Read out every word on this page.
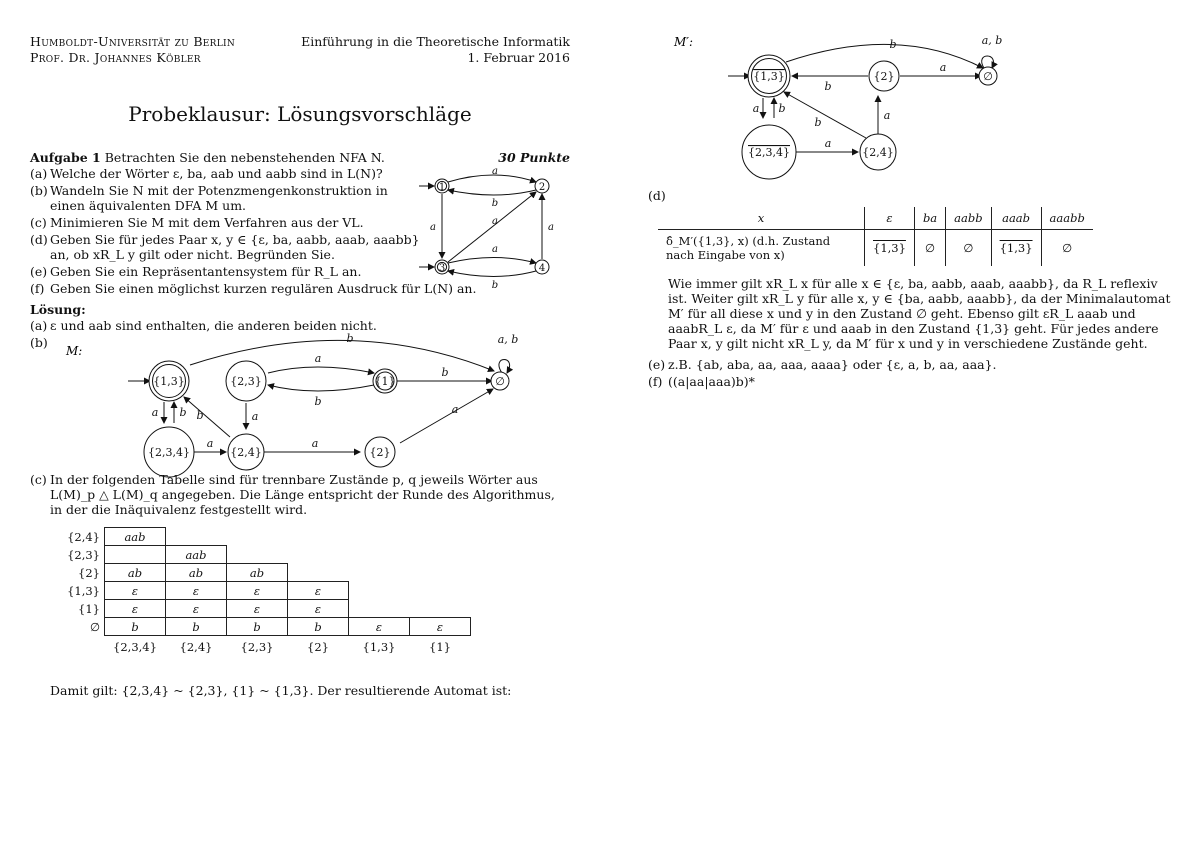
Humboldt-Universität zu Berlin
Prof. Dr. Johannes Köbler
Einführung in die Theoretische Informatik
1. Februar 2016
Probeklausur: Lösungsvorschläge
Aufgabe 1 Betrachten Sie den nebenstehenden NFA N.	30 Punkte
1	2
3	4
a
b
a
a
a
b
a
(a) Welche der Wörter ε, ba, aab und aabb sind in L(N)?
(b) Wandeln Sie N mit der Potenzmengenkonstruktion in einen äquivalenten DFA M um.
(c) Minimieren Sie M mit dem Verfahren aus der VL.
(d) Geben Sie für jedes Paar x, y ∈ {ε, ba, aabb, aaab, aaabb} an, ob xR_L y gilt oder nicht. Begründen Sie.
(e) Geben Sie ein Repräsentantensystem für R_L an.
(f) Geben Sie einen möglichst kurzen regulären Ausdruck für L(N) an.
Lösung:
(a) ε und aab sind enthalten, die anderen beiden nicht.
(b)
M:
{1,3}	{2,3}	{1}	∅
{2,3,4}	{2,4}	{2}
b
a
b
b
a, b
a
a b b
a	a
a
(c) In der folgenden Tabelle sind für trennbare Zustände p, q jeweils Wörter aus L(M)_p △ L(M)_q angegeben. Die Länge entspricht der Runde des Algorithmus, in der die Inäquivalenz festgestellt wird.
{2,4}	aab					
{2,3}		aab				
{2}	ab	ab	ab			
{1,3}	ε	ε	ε	ε		
{1}	ε	ε	ε	ε		
∅	b	b	b	b	ε	ε
	{2,3,4}	{2,4}	{2,3}	{2}	{1,3}	{1}
Damit gilt: {2,3,4} ~ {2,3}, {1} ~ {1,3}. Der resultierende Automat ist:
M′:
{1,3}	{2}	∅
{2,3,4}	{2,4}
b
b
a
a, b
a b
b
a
a
(d)
x	ε	ba	aabb	aaab	aaabb

δ̂_M′({1,3}, x) (d.h. Zustand
nach Eingabe von x)	{1,3}	∅	∅	{1,3}	∅
Wie immer gilt xR_L x für alle x ∈ {ε, ba, aabb, aaab, aaabb}, da R_L reflexiv ist. Weiter gilt xR_L y für alle x, y ∈ {ba, aabb, aaabb}, da der Minimalautomat M′ für all diese x und y in den Zustand ∅ geht. Ebenso gilt εR_L aaab und aaabR_L ε, da M′ für ε und aaab in den Zustand {1,3} geht. Für jedes andere Paar x, y gilt nicht xR_L y, da M′ für x und y in verschiedene Zustände geht.
(e) z.B. {ab, aba, aa, aaa, aaaa} oder {ε, a, b, aa, aaa}.
(f) ((a|aa|aaa)b)*
